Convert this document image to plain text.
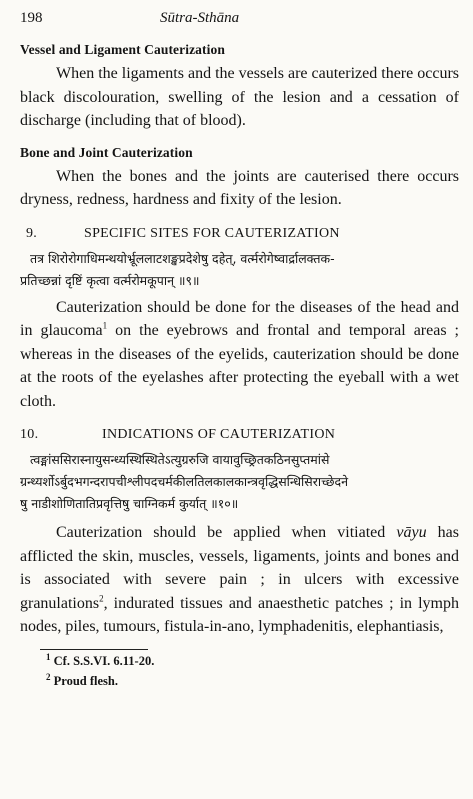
198	Sūtra-Sthāna
Vessel and Ligament Cauterization

When the ligaments and the vessels are cauterized there occurs black discolouration, swelling of the lesion and a cessation of discharge (including that of blood).

Bone and Joint Cauterization

When the bones and the joints are cauterised there occurs dryness, redness, hardness and fixity of the lesion.

9.	SPECIFIC SITES FOR CAUTERIZATION

तत्र शिरोरोगाधिमन्थयोर्भ्रूललाटशङ्खप्रदेशेषु दहेत्, वर्त्मरोगेष्वार्द्रालक्तक-
प्रतिच्छन्नां दृष्टिं कृत्वा वर्त्मरोमकूपान् ॥९॥

Cauterization should be done for the diseases of the head and in glaucoma$^1$ on the eyebrows and frontal and temporal areas ; whereas in the diseases of the eyelids, cauterization should be done at the roots of the eyelashes after protecting the eyeball with a wet cloth.

10.	INDICATIONS OF CAUTERIZATION

त्वङ्मांससिरास्नायुसन्ध्यस्थिस्थितेऽत्युग्ररुजि वायावुच्छ्रितकठिनसुप्तमांसे
ग्रन्थ्यर्शोऽर्बुदभगन्दरापचीश्लीपदचर्मकीलतिलकालकान्त्रवृद्धिसन्धिसिराच्छेदने
षु नाडीशोणितातिप्रवृत्तिषु चाग्निकर्म कुर्यात् ॥१०॥

Cauterization should be applied when vitiated vāyu has afflicted the skin, muscles, vessels, ligaments, joints and bones and is associated with severe pain ; in ulcers with excessive granulations$^2$, indurated tissues and anaesthetic patches ; in lymph nodes, piles, tumours, fistula-in-ano, lymphadenitis, elephantiasis,

$^1$ Cf. S.S.VI. 6.11-20.

$^2$ Proud flesh.
